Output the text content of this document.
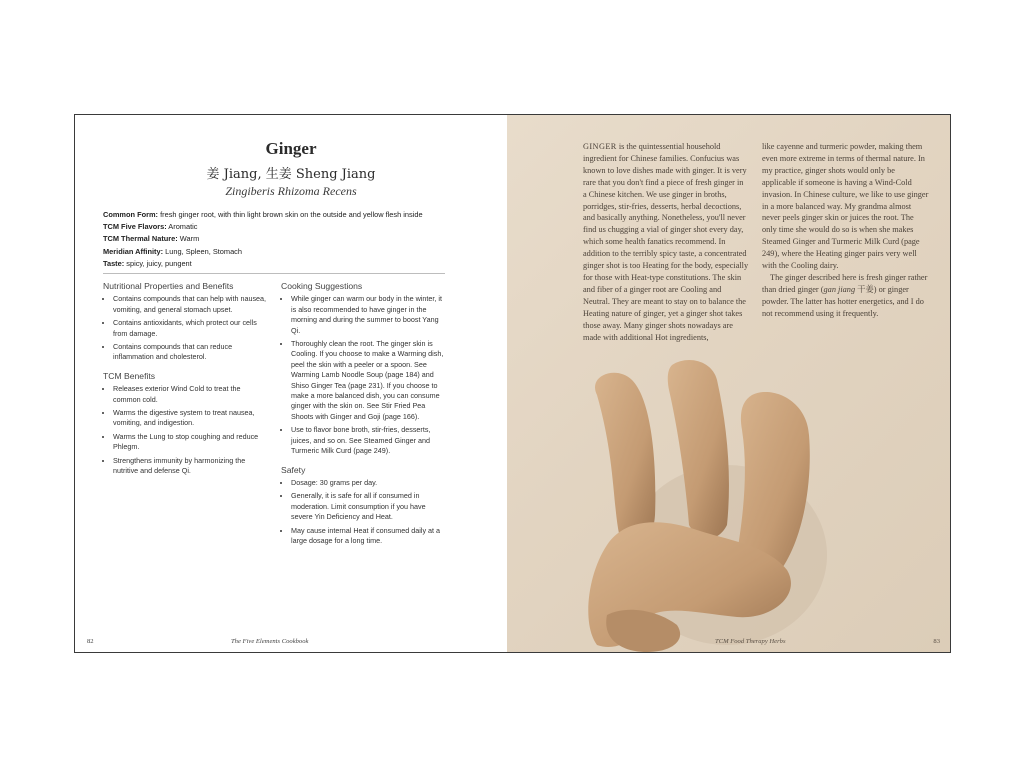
Ginger
姜 Jiang, 生姜 Sheng Jiang
Zingiberis Rhizoma Recens
Common Form: fresh ginger root, with thin light brown skin on the outside and yellow flesh inside
TCM Five Flavors: Aromatic
TCM Thermal Nature: Warm
Meridian Affinity: Lung, Spleen, Stomach
Taste: spicy, juicy, pungent
Nutritional Properties and Benefits
• Contains compounds that can help with nausea, vomiting, and general stomach upset.
• Contains antioxidants, which protect our cells from damage.
• Contains compounds that can reduce inflammation and cholesterol.
TCM Benefits
• Releases exterior Wind Cold to treat the common cold.
• Warms the digestive system to treat nausea, vomiting, and indigestion.
• Warms the Lung to stop coughing and reduce Phlegm.
• Strengthens immunity by harmonizing the nutritive and defense Qi.
Cooking Suggestions
• While ginger can warm our body in the winter, it is also recommended to have ginger in the morning and during the summer to boost Yang Qi.
• Thoroughly clean the root. The ginger skin is Cooling. If you choose to make a Warming dish, peel the skin with a peeler or a spoon. See Warming Lamb Noodle Soup (page 184) and Shiso Ginger Tea (page 231). If you choose to make a more balanced dish, you can consume ginger with the skin on. See Stir Fried Pea Shoots with Ginger and Goji (page 166).
• Use to flavor bone broth, stir-fries, desserts, juices, and so on. See Steamed Ginger and Turmeric Milk Curd (page 249).
Safety
• Dosage: 30 grams per day.
• Generally, it is safe for all if consumed in moderation. Limit consumption if you have severe Yin Deficiency and Heat.
• May cause internal Heat if consumed daily at a large dosage for a long time.
82	The Five Elements Cookbook

GINGER is the quintessential household ingredient for Chinese families. Confucius was known to love dishes made with ginger. It is very rare that you don't find a piece of fresh ginger in a Chinese kitchen. We use ginger in broths, porridges, stir-fries, desserts, herbal decoctions, and basically anything. Nonetheless, you'll never find us chugging a vial of ginger shot every day, which some health fanatics recommend. In addition to the terribly spicy taste, a concentrated ginger shot is too Heating for the body, especially for those with Heat-type constitutions. The skin and fiber of a ginger root are Cooling and Neutral. They are meant to stay on to balance the Heating nature of ginger, yet a ginger shot takes those away. Many ginger shots nowadays are made with additional Hot ingredients,

like cayenne and turmeric powder, making them even more extreme in terms of thermal nature. In my practice, ginger shots would only be applicable if someone is having a Wind-Cold invasion. In Chinese culture, we like to use ginger in a more balanced way. My grandma almost never peels ginger skin or juices the root. The only time she would do so is when she makes Steamed Ginger and Turmeric Milk Curd (page 249), where the Heating ginger pairs very well with the Cooling dairy.

The ginger described here is fresh ginger rather than dried ginger (gan jiang 干姜) or ginger powder. The latter has hotter energetics, and I do not recommend using it frequently.

TCM Food Therapy Herbs	83
